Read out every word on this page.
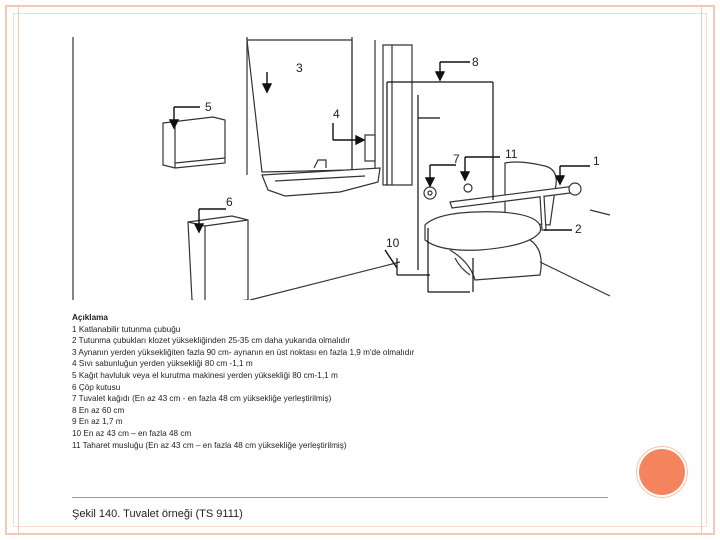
3
5	4
6
8
7	11	1
2
10
Açıklama
1 Katlanabilir tutunma çubuğu
2 Tutunma çubukları klozet yüksekliğinden 25-35 cm daha yukarıda olmalıdır
3 Aynanın yerden yüksekliğiten fazla 90 cm- aynanın en üst noktası en fazla 1,9 m'de olmalıdır
4 Sıvı sabunluğun yerden yüksekliği 80 cm -1,1 m
5 Kağıt havluluk veya el kurutma makinesi yerden yüksekliği 80 cm-1,1 m
6 Çöp kutusu
7 Tuvalet kağıdı (En az 43 cm - en fazla 48 cm yüksekliğe yerleştirilmiş)
8 En az 60 cm
9 En az 1,7 m
10 En az 43 cm – en fazla 48 cm
11 Taharet musluğu (En az 43 cm – en fazla 48 cm yüksekliğe yerleştirilmiş)
Şekil 140. Tuvalet örneği (TS 9111)
